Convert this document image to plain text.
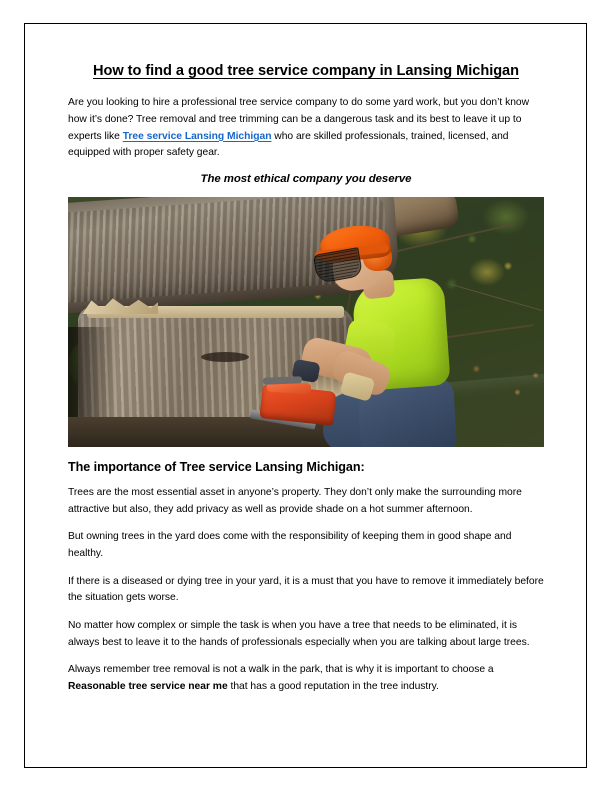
How to find a good tree service company in Lansing Michigan

Are you looking to hire a professional tree service company to do some yard work, but you don’t know how it’s done? Tree removal and tree trimming can be a dangerous task and its best to leave it up to experts like Tree service Lansing Michigan who are skilled professionals, trained, licensed, and equipped with proper safety gear.

The most ethical company you deserve
The importance of Tree service Lansing Michigan:

Trees are the most essential asset in anyone’s property. They don’t only make the surrounding more attractive but also, they add privacy as well as provide shade on a hot summer afternoon.

But owning trees in the yard does come with the responsibility of keeping them in good shape and healthy.

If there is a diseased or dying tree in your yard, it is a must that you have to remove it immediately before the situation gets worse.

No matter how complex or simple the task is when you have a tree that needs to be eliminated, it is always best to leave it to the hands of professionals especially when you are talking about large trees.

Always remember tree removal is not a walk in the park, that is why it is important to choose a Reasonable tree service near me that has a good reputation in the tree industry.
